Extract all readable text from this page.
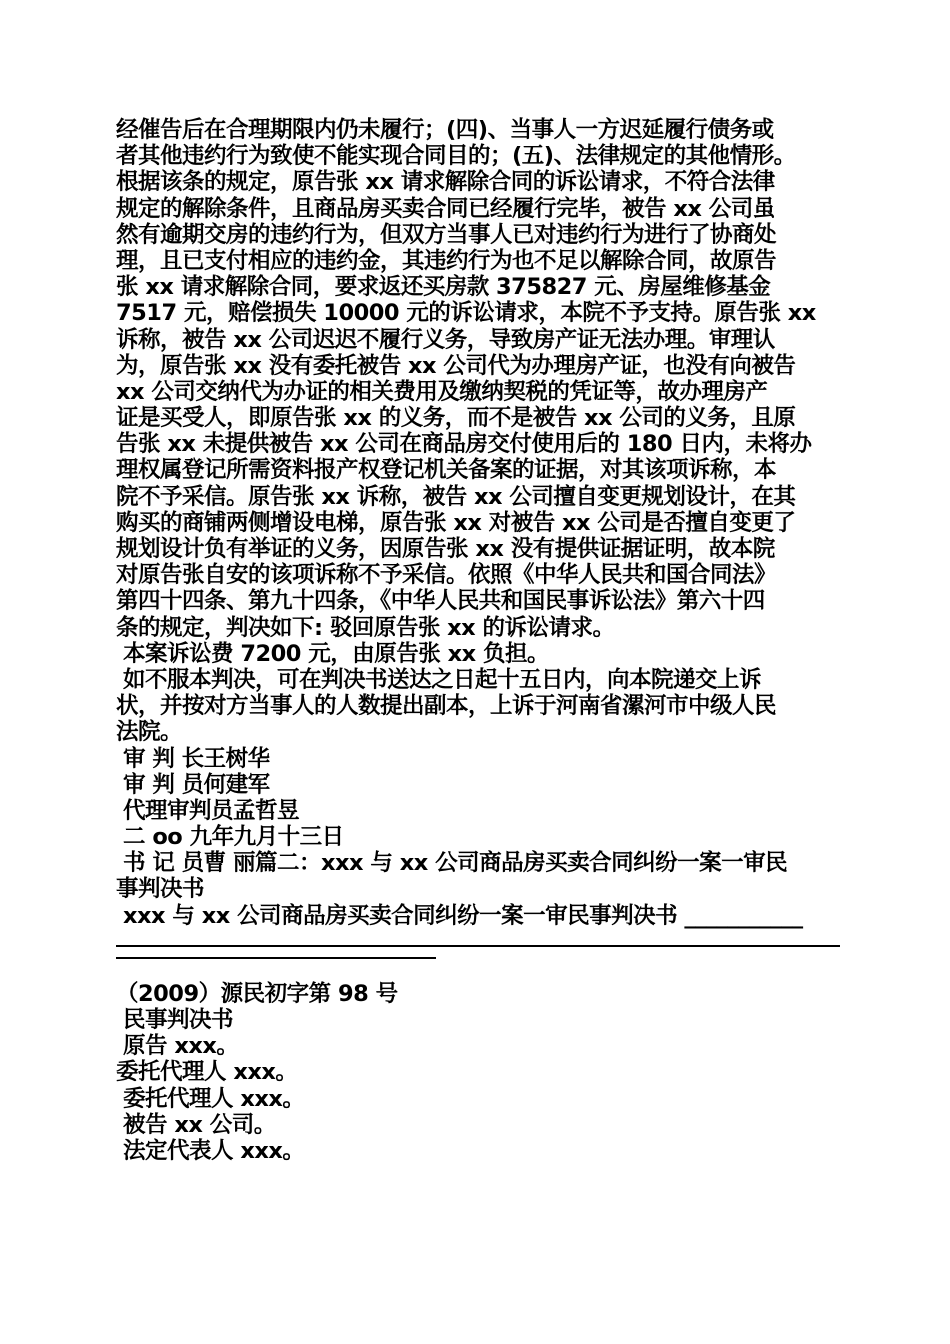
经催告后在合理期限内仍未履行；(四)、当事人一方迟延履行债务或
者其他违约行为致使不能实现合同目的；(五)、法律规定的其他情形。
根据该条的规定，原告张 xx 请求解除合同的诉讼请求，不符合法律
规定的解除条件，且商品房买卖合同已经履行完毕，被告 xx 公司虽
然有逾期交房的违约行为，但双方当事人已对违约行为进行了协商处
理，且已支付相应的违约金，其违约行为也不足以解除合同，故原告
张 xx 请求解除合同，要求返还买房款 375827 元、房屋维修基金
7517 元，赔偿损失 10000 元的诉讼请求，本院不予支持。原告张 xx
诉称，被告 xx 公司迟迟不履行义务，导致房产证无法办理。审理认
为，原告张 xx 没有委托被告 xx 公司代为办理房产证，也没有向被告
xx 公司交纳代为办证的相关费用及缴纳契税的凭证等，故办理房产
证是买受人，即原告张 xx 的义务，而不是被告 xx 公司的义务，且原
告张 xx 未提供被告 xx 公司在商品房交付使用后的 180 日内，未将办
理权属登记所需资料报产权登记机关备案的证据，对其该项诉称，本
院不予采信。原告张 xx 诉称，被告 xx 公司擅自变更规划设计，在其
购买的商铺两侧增设电梯，原告张 xx 对被告 xx 公司是否擅自变更了
规划设计负有举证的义务，因原告张 xx 没有提供证据证明，故本院
对原告张自安的该项诉称不予采信。依照《中华人民共和国合同法》
第四十四条、第九十四条，《中华人民共和国民事诉讼法》第六十四
条的规定，判决如下: 驳回原告张 xx 的诉讼请求。
本案诉讼费 7200 元，由原告张 xx 负担。
如不服本判决，可在判决书送达之日起十五日内，向本院递交上诉
状，并按对方当事人的人数提出副本，上诉于河南省漯河市中级人民
法院。
审 判 长王树华
审 判 员何建军
代理审判员孟哲昱
二 oo 九年九月十三日
书 记 员曹 丽篇二：xxx 与 xx 公司商品房买卖合同纠纷一案一审民
事判决书
xxx 与 xx 公司商品房买卖合同纠纷一案一审民事判决书 ___________
（2009）源民初字第 98 号
民事判决书
原告 xxx。
委托代理人 xxx。
委托代理人 xxx。
被告 xx 公司。
法定代表人 xxx。
